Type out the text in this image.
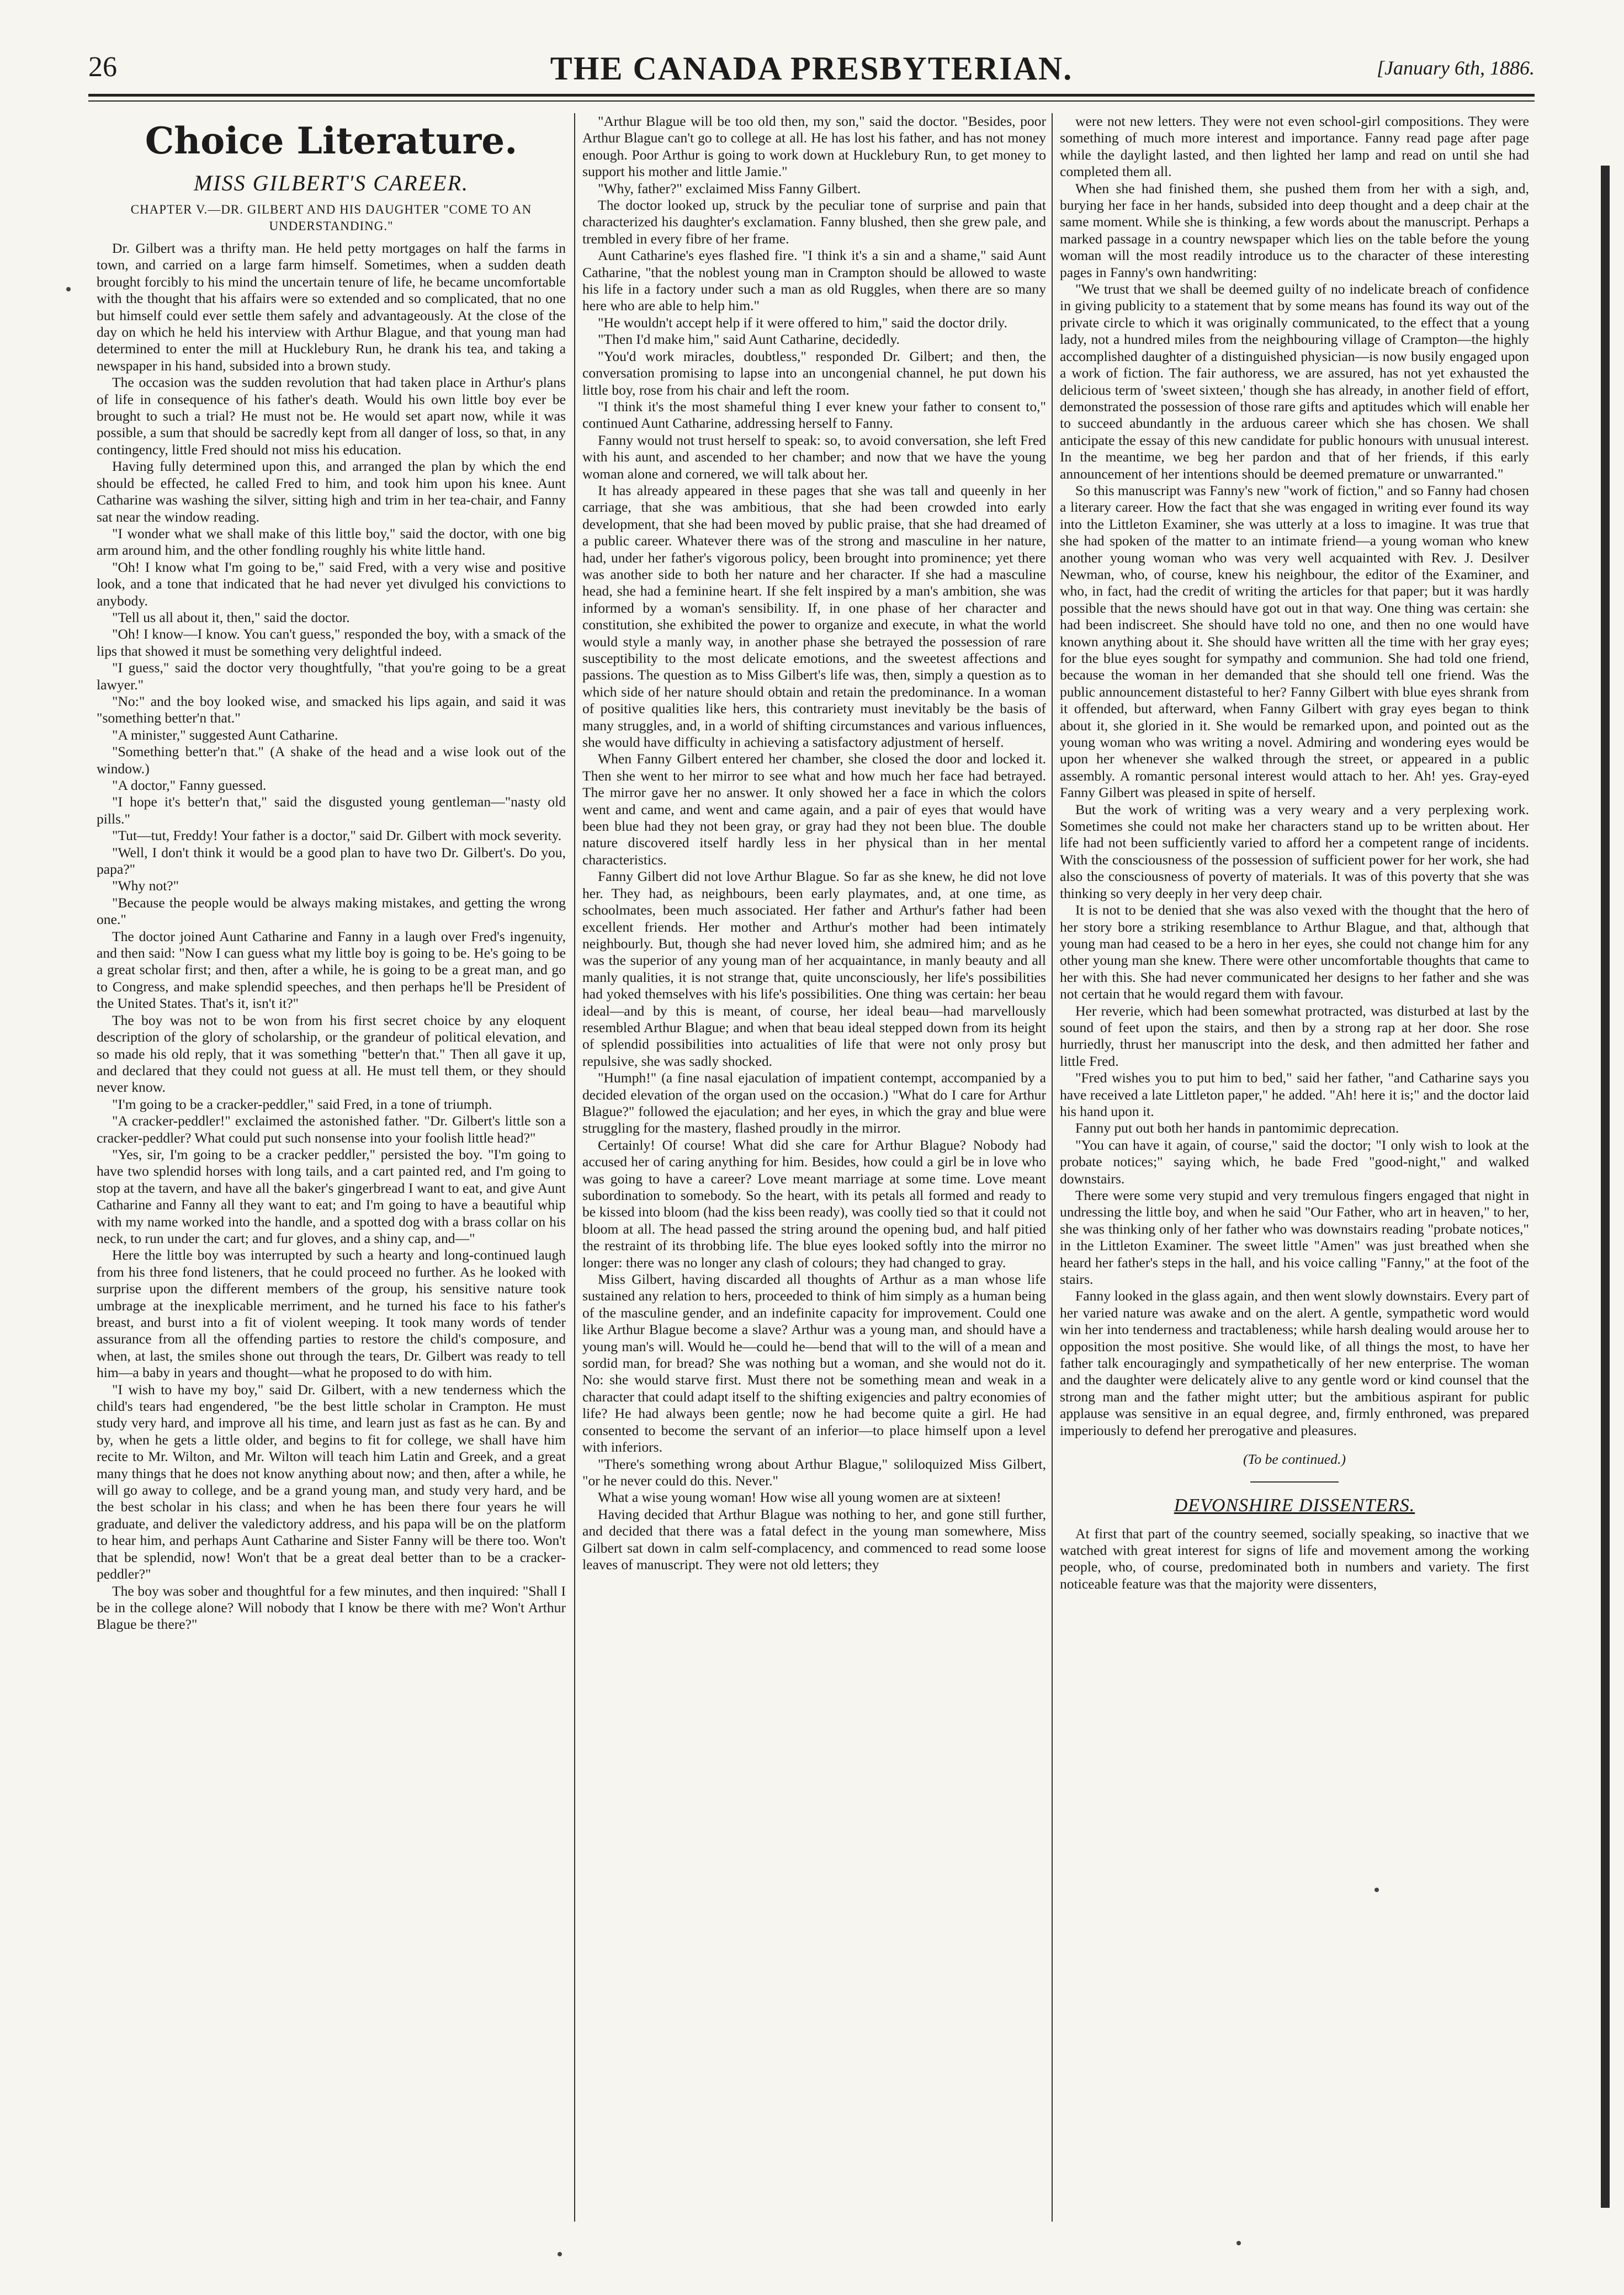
26	THE CANADA PRESBYTERIAN.	[January 6th, 1886.
Choice Literature.
MISS GILBERT'S CAREER.
CHAPTER V.—DR. GILBERT AND HIS DAUGHTER "COME TO AN UNDERSTANDING."

Dr. Gilbert was a thrifty man. He held petty mortgages on half the farms in town, and carried on a large farm himself. Sometimes, when a sudden death brought forcibly to his mind the uncertain tenure of life, he became uncomfortable with the thought that his affairs were so extended and so complicated, that no one but himself could ever settle them safely and advantageously. At the close of the day on which he held his interview with Arthur Blague, and that young man had determined to enter the mill at Hucklebury Run, he drank his tea, and taking a newspaper in his hand, subsided into a brown study.

The occasion was the sudden revolution that had taken place in Arthur's plans of life in consequence of his father's death. Would his own little boy ever be brought to such a trial? He must not be. He would set apart now, while it was possible, a sum that should be sacredly kept from all danger of loss, so that, in any contingency, little Fred should not miss his education.

Having fully determined upon this, and arranged the plan by which the end should be effected, he called Fred to him, and took him upon his knee. Aunt Catharine was washing the silver, sitting high and trim in her tea-chair, and Fanny sat near the window reading.

"I wonder what we shall make of this little boy," said the doctor, with one big arm around him, and the other fondling roughly his white little hand.

"Oh! I know what I'm going to be," said Fred, with a very wise and positive look, and a tone that indicated that he had never yet divulged his convictions to anybody.

"Tell us all about it, then," said the doctor.

"Oh! I know—I know. You can't guess," responded the boy, with a smack of the lips that showed it must be something very delightful indeed.

"I guess," said the doctor very thoughtfully, "that you're going to be a great lawyer."

"No:" and the boy looked wise, and smacked his lips again, and said it was "something better'n that."

"A minister," suggested Aunt Catharine.

"Something better'n that." (A shake of the head and a wise look out of the window.)

"A doctor," Fanny guessed.

"I hope it's better'n that," said the disgusted young gentleman—"nasty old pills."

"Tut—tut, Freddy! Your father is a doctor," said Dr. Gilbert with mock severity.

"Well, I don't think it would be a good plan to have two Dr. Gilbert's. Do you, papa?"

"Why not?"

"Because the people would be always making mistakes, and getting the wrong one."

The doctor joined Aunt Catharine and Fanny in a laugh over Fred's ingenuity, and then said: "Now I can guess what my little boy is going to be. He's going to be a great scholar first; and then, after a while, he is going to be a great man, and go to Congress, and make splendid speeches, and then perhaps he'll be President of the United States. That's it, isn't it?"

The boy was not to be won from his first secret choice by any eloquent description of the glory of scholarship, or the grandeur of political elevation, and so made his old reply, that it was something "better'n that." Then all gave it up, and declared that they could not guess at all. He must tell them, or they should never know.

"I'm going to be a cracker-peddler," said Fred, in a tone of triumph.

"A cracker-peddler!" exclaimed the astonished father. "Dr. Gilbert's little son a cracker-peddler? What could put such nonsense into your foolish little head?"

"Yes, sir, I'm going to be a cracker peddler," persisted the boy. "I'm going to have two splendid horses with long tails, and a cart painted red, and I'm going to stop at the tavern, and have all the baker's gingerbread I want to eat, and give Aunt Catharine and Fanny all they want to eat; and I'm going to have a beautiful whip with my name worked into the handle, and a spotted dog with a brass collar on his neck, to run under the cart; and fur gloves, and a shiny cap, and—"

Here the little boy was interrupted by such a hearty and long-continued laugh from his three fond listeners, that he could proceed no further. As he looked with surprise upon the different members of the group, his sensitive nature took umbrage at the inexplicable merriment, and he turned his face to his father's breast, and burst into a fit of violent weeping. It took many words of tender assurance from all the offending parties to restore the child's composure, and when, at last, the smiles shone out through the tears, Dr. Gilbert was ready to tell him—a baby in years and thought—what he proposed to do with him.

"I wish to have my boy," said Dr. Gilbert, with a new tenderness which the child's tears had engendered, "be the best little scholar in Crampton. He must study very hard, and improve all his time, and learn just as fast as he can. By and by, when he gets a little older, and begins to fit for college, we shall have him recite to Mr. Wilton, and Mr. Wilton will teach him Latin and Greek, and a great many things that he does not know anything about now; and then, after a while, he will go away to college, and be a grand young man, and study very hard, and be the best scholar in his class; and when he has been there four years he will graduate, and deliver the valedictory address, and his papa will be on the platform to hear him, and perhaps Aunt Catharine and Sister Fanny will be there too. Won't that be splendid, now! Won't that be a great deal better than to be a cracker-peddler?"

The boy was sober and thoughtful for a few minutes, and then inquired: "Shall I be in the college alone? Will nobody that I know be there with me? Won't Arthur Blague be there?"

"Arthur Blague will be too old then, my son," said the doctor. "Besides, poor Arthur Blague can't go to college at all. He has lost his father, and has not money enough. Poor Arthur is going to work down at Hucklebury Run, to get money to support his mother and little Jamie."

"Why, father?" exclaimed Miss Fanny Gilbert.

The doctor looked up, struck by the peculiar tone of surprise and pain that characterized his daughter's exclamation. Fanny blushed, then she grew pale, and trembled in every fibre of her frame.

Aunt Catharine's eyes flashed fire. "I think it's a sin and a shame," said Aunt Catharine, "that the noblest young man in Crampton should be allowed to waste his life in a factory under such a man as old Ruggles, when there are so many here who are able to help him."

"He wouldn't accept help if it were offered to him," said the doctor drily.

"Then I'd make him," said Aunt Catharine, decidedly.

"You'd work miracles, doubtless," responded Dr. Gilbert; and then, the conversation promising to lapse into an uncongenial channel, he put down his little boy, rose from his chair and left the room.

"I think it's the most shameful thing I ever knew your father to consent to," continued Aunt Catharine, addressing herself to Fanny.

Fanny would not trust herself to speak: so, to avoid conversation, she left Fred with his aunt, and ascended to her chamber; and now that we have the young woman alone and cornered, we will talk about her.

It has already appeared in these pages that she was tall and queenly in her carriage, that she was ambitious, that she had been crowded into early development, that she had been moved by public praise, that she had dreamed of a public career. Whatever there was of the strong and masculine in her nature, had, under her father's vigorous policy, been brought into prominence; yet there was another side to both her nature and her character. If she had a masculine head, she had a feminine heart. If she felt inspired by a man's ambition, she was informed by a woman's sensibility. If, in one phase of her character and constitution, she exhibited the power to organize and execute, in what the world would style a manly way, in another phase she betrayed the possession of rare susceptibility to the most delicate emotions, and the sweetest affections and passions. The question as to Miss Gilbert's life was, then, simply a question as to which side of her nature should obtain and retain the predominance. In a woman of positive qualities like hers, this contrariety must inevitably be the basis of many struggles, and, in a world of shifting circumstances and various influences, she would have difficulty in achieving a satisfactory adjustment of herself.

When Fanny Gilbert entered her chamber, she closed the door and locked it. Then she went to her mirror to see what and how much her face had betrayed. The mirror gave her no answer. It only showed her a face in which the colors went and came, and went and came again, and a pair of eyes that would have been blue had they not been gray, or gray had they not been blue. The double nature discovered itself hardly less in her physical than in her mental characteristics.

Fanny Gilbert did not love Arthur Blague. So far as she knew, he did not love her. They had, as neighbours, been early playmates, and, at one time, as schoolmates, been much associated. Her father and Arthur's father had been excellent friends. Her mother and Arthur's mother had been intimately neighbourly. But, though she had never loved him, she admired him; and as he was the superior of any young man of her acquaintance, in manly beauty and all manly qualities, it is not strange that, quite unconsciously, her life's possibilities had yoked themselves with his life's possibilities. One thing was certain: her beau ideal—and by this is meant, of course, her ideal beau—had marvellously resembled Arthur Blague; and when that beau ideal stepped down from its height of splendid possibilities into actualities of life that were not only prosy but repulsive, she was sadly shocked.

"Humph!" (a fine nasal ejaculation of impatient contempt, accompanied by a decided elevation of the organ used on the occasion.) "What do I care for Arthur Blague?" followed the ejaculation; and her eyes, in which the gray and blue were struggling for the mastery, flashed proudly in the mirror.

Certainly! Of course! What did she care for Arthur Blague? Nobody had accused her of caring anything for him. Besides, how could a girl be in love who was going to have a career? Love meant marriage at some time. Love meant subordination to somebody. So the heart, with its petals all formed and ready to be kissed into bloom (had the kiss been ready), was coolly tied so that it could not bloom at all. The head passed the string around the opening bud, and half pitied the restraint of its throbbing life. The blue eyes looked softly into the mirror no longer: there was no longer any clash of colours; they had changed to gray.

Miss Gilbert, having discarded all thoughts of Arthur as a man whose life sustained any relation to hers, proceeded to think of him simply as a human being of the masculine gender, and an indefinite capacity for improvement. Could one like Arthur Blague become a slave? Arthur was a young man, and should have a young man's will. Would he—could he—bend that will to the will of a mean and sordid man, for bread? She was nothing but a woman, and she would not do it. No: she would starve first. Must there not be something mean and weak in a character that could adapt itself to the shifting exigencies and paltry economies of life? He had always been gentle; now he had become quite a girl. He had consented to become the servant of an inferior—to place himself upon a level with inferiors.

"There's something wrong about Arthur Blague," soliloquized Miss Gilbert, "or he never could do this. Never."

What a wise young woman! How wise all young women are at sixteen!

Having decided that Arthur Blague was nothing to her, and gone still further, and decided that there was a fatal defect in the young man somewhere, Miss Gilbert sat down in calm self-complacency, and commenced to read some loose leaves of manuscript. They were not old letters; they

were not new letters. They were not even school-girl compositions. They were something of much more interest and importance. Fanny read page after page while the daylight lasted, and then lighted her lamp and read on until she had completed them all.

When she had finished them, she pushed them from her with a sigh, and, burying her face in her hands, subsided into deep thought and a deep chair at the same moment. While she is thinking, a few words about the manuscript. Perhaps a marked passage in a country newspaper which lies on the table before the young woman will the most readily introduce us to the character of these interesting pages in Fanny's own handwriting:

"We trust that we shall be deemed guilty of no indelicate breach of confidence in giving publicity to a statement that by some means has found its way out of the private circle to which it was originally communicated, to the effect that a young lady, not a hundred miles from the neighbouring village of Crampton—the highly accomplished daughter of a distinguished physician—is now busily engaged upon a work of fiction. The fair authoress, we are assured, has not yet exhausted the delicious term of 'sweet sixteen,' though she has already, in another field of effort, demonstrated the possession of those rare gifts and aptitudes which will enable her to succeed abundantly in the arduous career which she has chosen. We shall anticipate the essay of this new candidate for public honours with unusual interest. In the meantime, we beg her pardon and that of her friends, if this early announcement of her intentions should be deemed premature or unwarranted."

So this manuscript was Fanny's new "work of fiction," and so Fanny had chosen a literary career. How the fact that she was engaged in writing ever found its way into the Littleton Examiner, she was utterly at a loss to imagine. It was true that she had spoken of the matter to an intimate friend—a young woman who knew another young woman who was very well acquainted with Rev. J. Desilver Newman, who, of course, knew his neighbour, the editor of the Examiner, and who, in fact, had the credit of writing the articles for that paper; but it was hardly possible that the news should have got out in that way. One thing was certain: she had been indiscreet. She should have told no one, and then no one would have known anything about it. She should have written all the time with her gray eyes; for the blue eyes sought for sympathy and communion. She had told one friend, because the woman in her demanded that she should tell one friend. Was the public announcement distasteful to her? Fanny Gilbert with blue eyes shrank from it offended, but afterward, when Fanny Gilbert with gray eyes began to think about it, she gloried in it. She would be remarked upon, and pointed out as the young woman who was writing a novel. Admiring and wondering eyes would be upon her whenever she walked through the street, or appeared in a public assembly. A romantic personal interest would attach to her. Ah! yes. Gray-eyed Fanny Gilbert was pleased in spite of herself.

But the work of writing was a very weary and a very perplexing work. Sometimes she could not make her characters stand up to be written about. Her life had not been sufficiently varied to afford her a competent range of incidents. With the consciousness of the possession of sufficient power for her work, she had also the consciousness of poverty of materials. It was of this poverty that she was thinking so very deeply in her very deep chair.

It is not to be denied that she was also vexed with the thought that the hero of her story bore a striking resemblance to Arthur Blague, and that, although that young man had ceased to be a hero in her eyes, she could not change him for any other young man she knew. There were other uncomfortable thoughts that came to her with this. She had never communicated her designs to her father and she was not certain that he would regard them with favour.

Her reverie, which had been somewhat protracted, was disturbed at last by the sound of feet upon the stairs, and then by a strong rap at her door. She rose hurriedly, thrust her manuscript into the desk, and then admitted her father and little Fred.

"Fred wishes you to put him to bed," said her father, "and Catharine says you have received a late Littleton paper," he added. "Ah! here it is;" and the doctor laid his hand upon it.

Fanny put out both her hands in pantomimic deprecation.

"You can have it again, of course," said the doctor; "I only wish to look at the probate notices;" saying which, he bade Fred "good-night," and walked downstairs.

There were some very stupid and very tremulous fingers engaged that night in undressing the little boy, and when he said "Our Father, who art in heaven," to her, she was thinking only of her father who was downstairs reading "probate notices," in the Littleton Examiner. The sweet little "Amen" was just breathed when she heard her father's steps in the hall, and his voice calling "Fanny," at the foot of the stairs.

Fanny looked in the glass again, and then went slowly downstairs. Every part of her varied nature was awake and on the alert. A gentle, sympathetic word would win her into tenderness and tractableness; while harsh dealing would arouse her to opposition the most positive. She would like, of all things the most, to have her father talk encouragingly and sympathetically of her new enterprise. The woman and the daughter were delicately alive to any gentle word or kind counsel that the strong man and the father might utter; but the ambitious aspirant for public applause was sensitive in an equal degree, and, firmly enthroned, was prepared imperiously to defend her prerogative and pleasures.

(To be continued.)
DEVONSHIRE DISSENTERS.

At first that part of the country seemed, socially speaking, so inactive that we watched with great interest for signs of life and movement among the working people, who, of course, predominated both in numbers and variety. The first noticeable feature was that the majority were dissenters,
